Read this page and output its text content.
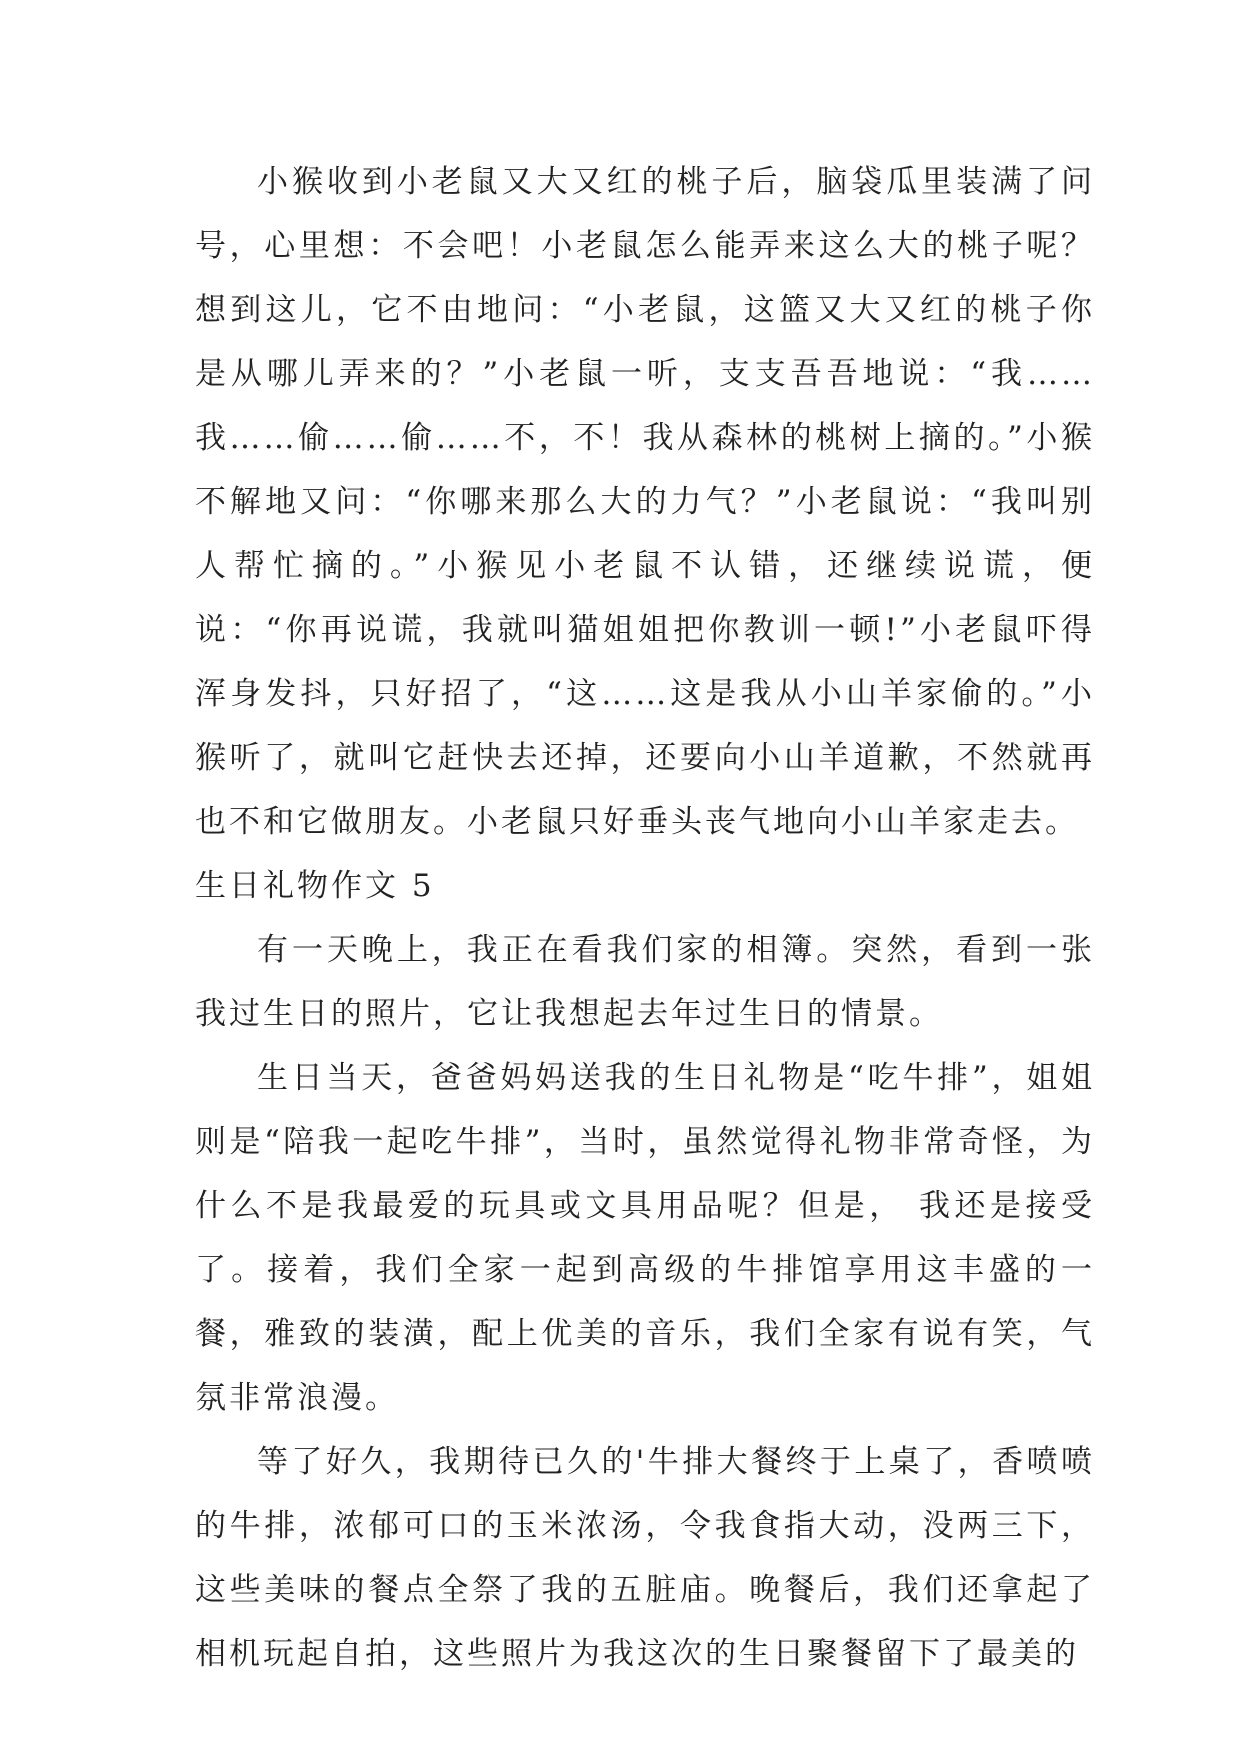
小猴收到小老鼠又大又红的桃子后，脑袋瓜里装满了问号，心里想：不会吧！小老鼠怎么能弄来这么大的桃子呢？想到这儿，它不由地问：“小老鼠，这篮又大又红的桃子你是从哪儿弄来的？”小老鼠一听，支支吾吾地说：“我……我……偷……偷……不，不！我从森林的桃树上摘的。”小猴不解地又问：“你哪来那么大的力气？”小老鼠说：“我叫别人帮忙摘的。”小猴见小老鼠不认错，还继续说谎，便说：“你再说谎，我就叫猫姐姐把你教训一顿!”小老鼠吓得浑身发抖，只好招了，“这……这是我从小山羊家偷的。”小猴听了，就叫它赶快去还掉，还要向小山羊道歉，不然就再也不和它做朋友。小老鼠只好垂头丧气地向小山羊家走去。

生日礼物作文 5

有一天晚上，我正在看我们家的相簿。突然，看到一张我过生日的照片，它让我想起去年过生日的情景。

生日当天，爸爸妈妈送我的生日礼物是“吃牛排”，姐姐则是“陪我一起吃牛排”，当时，虽然觉得礼物非常奇怪，为什么不是我最爱的玩具或文具用品呢？但是， 我还是接受了。接着，我们全家一起到高级的牛排馆享用这丰盛的一餐，雅致的装潢，配上优美的音乐，我们全家有说有笑，气氛非常浪漫。

等了好久，我期待已久的'牛排大餐终于上桌了，香喷喷的牛排，浓郁可口的玉米浓汤，令我食指大动，没两三下，这些美味的餐点全祭了我的五脏庙。晚餐后，我们还拿起了相机玩起自拍，这些照片为我这次的生日聚餐留下了最美的
